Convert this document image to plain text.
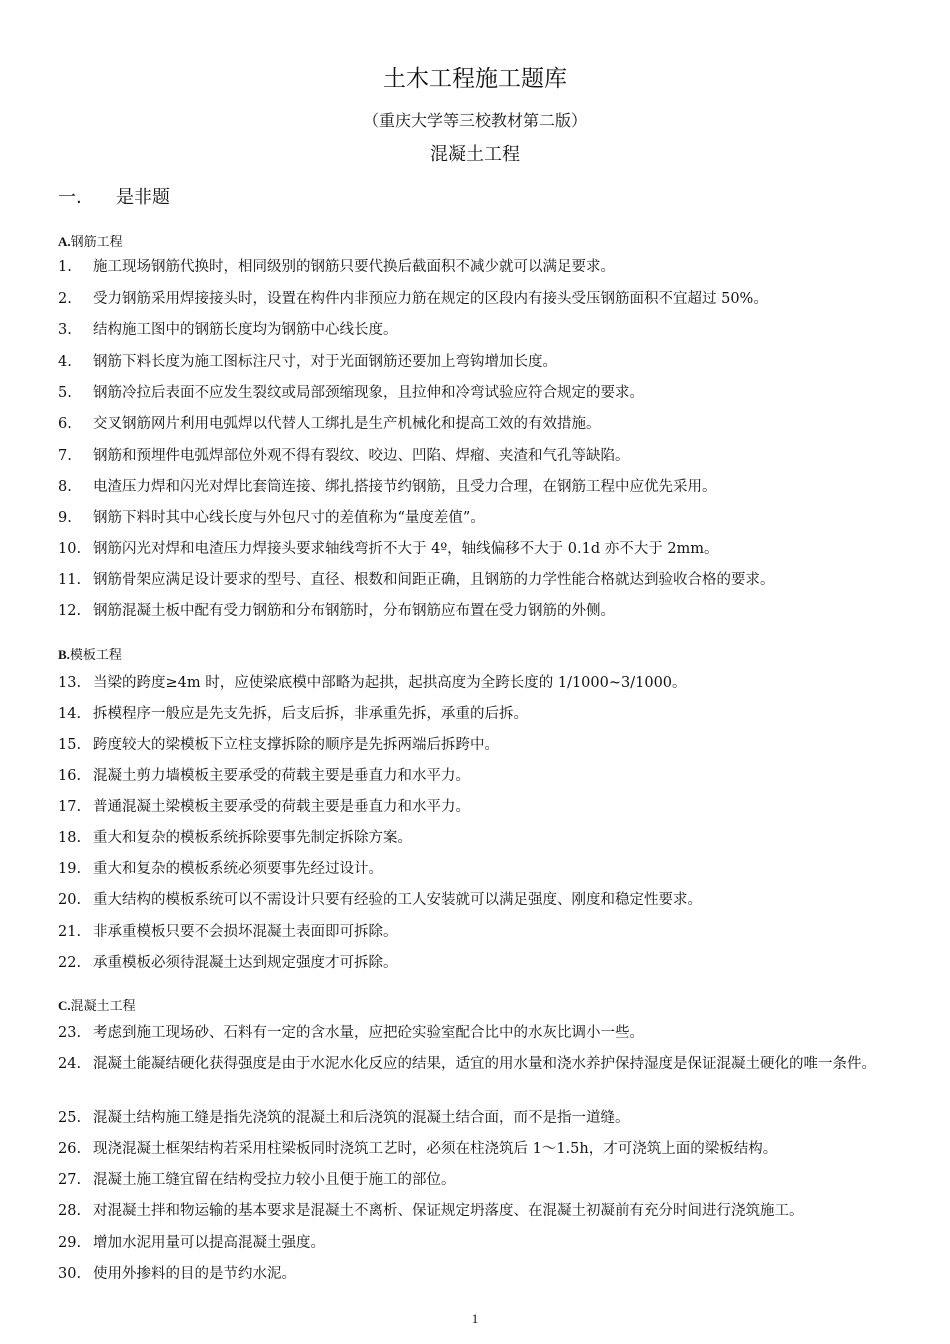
土木工程施工题库
（重庆大学等三校教材第二版）
混凝土工程
一. 是非题
A.钢筋工程
1.	施工现场钢筋代换时，相同级别的钢筋只要代换后截面积不减少就可以满足要求。
2.	受力钢筋采用焊接接头时，设置在构件内非预应力筋在规定的区段内有接头受压钢筋面积不宜超过 50%。
3.	结构施工图中的钢筋长度均为钢筋中心线长度。
4.	钢筋下料长度为施工图标注尺寸，对于光面钢筋还要加上弯钩增加长度。
5.	钢筋冷拉后表面不应发生裂纹或局部颈缩现象，且拉伸和冷弯试验应符合规定的要求。
6.	交叉钢筋网片利用电弧焊以代替人工绑扎是生产机械化和提高工效的有效措施。
7.	钢筋和预埋件电弧焊部位外观不得有裂纹、咬边、凹陷、焊瘤、夹渣和气孔等缺陷。
8.	电渣压力焊和闪光对焊比套筒连接、绑扎搭接节约钢筋，且受力合理，在钢筋工程中应优先采用。
9.	钢筋下料时其中心线长度与外包尺寸的差值称为“量度差值”。
10. 钢筋闪光对焊和电渣压力焊接头要求轴线弯折不大于 4º，轴线偏移不大于 0.1d 亦不大于 2mm。
11. 钢筋骨架应满足设计要求的型号、直径、根数和间距正确，且钢筋的力学性能合格就达到验收合格的要求。
12. 钢筋混凝土板中配有受力钢筋和分布钢筋时，分布钢筋应布置在受力钢筋的外侧。
B.模板工程
13. 当梁的跨度≥4m 时，应使梁底模中部略为起拱，起拱高度为全跨长度的 1/1000~3/1000。
14. 拆模程序一般应是先支先拆，后支后拆，非承重先拆，承重的后拆。
15. 跨度较大的梁模板下立柱支撑拆除的顺序是先拆两端后拆跨中。
16. 混凝土剪力墙模板主要承受的荷载主要是垂直力和水平力。
17. 普通混凝土梁模板主要承受的荷载主要是垂直力和水平力。
18. 重大和复杂的模板系统拆除要事先制定拆除方案。
19. 重大和复杂的模板系统必须要事先经过设计。
20. 重大结构的模板系统可以不需设计只要有经验的工人安装就可以满足强度、刚度和稳定性要求。
21. 非承重模板只要不会损坏混凝土表面即可拆除。
22. 承重模板必须待混凝土达到规定强度才可拆除。
C.混凝土工程
23. 考虑到施工现场砂、石料有一定的含水量，应把砼实验室配合比中的水灰比调小一些。
24. 混凝土能凝结硬化获得强度是由于水泥水化反应的结果，适宜的用水量和浇水养护保持湿度是保证混凝土硬化的唯一条件。
25. 混凝土结构施工缝是指先浇筑的混凝土和后浇筑的混凝土结合面，而不是指一道缝。
26. 现浇混凝土框架结构若采用柱梁板同时浇筑工艺时，必须在柱浇筑后 1～1.5h，才可浇筑上面的梁板结构。
27. 混凝土施工缝宜留在结构受拉力较小且便于施工的部位。
28. 对混凝土拌和物运输的基本要求是混凝土不离析、保证规定坍落度、在混凝土初凝前有充分时间进行浇筑施工。
29. 增加水泥用量可以提高混凝土强度。
30. 使用外掺料的目的是节约水泥。
1
